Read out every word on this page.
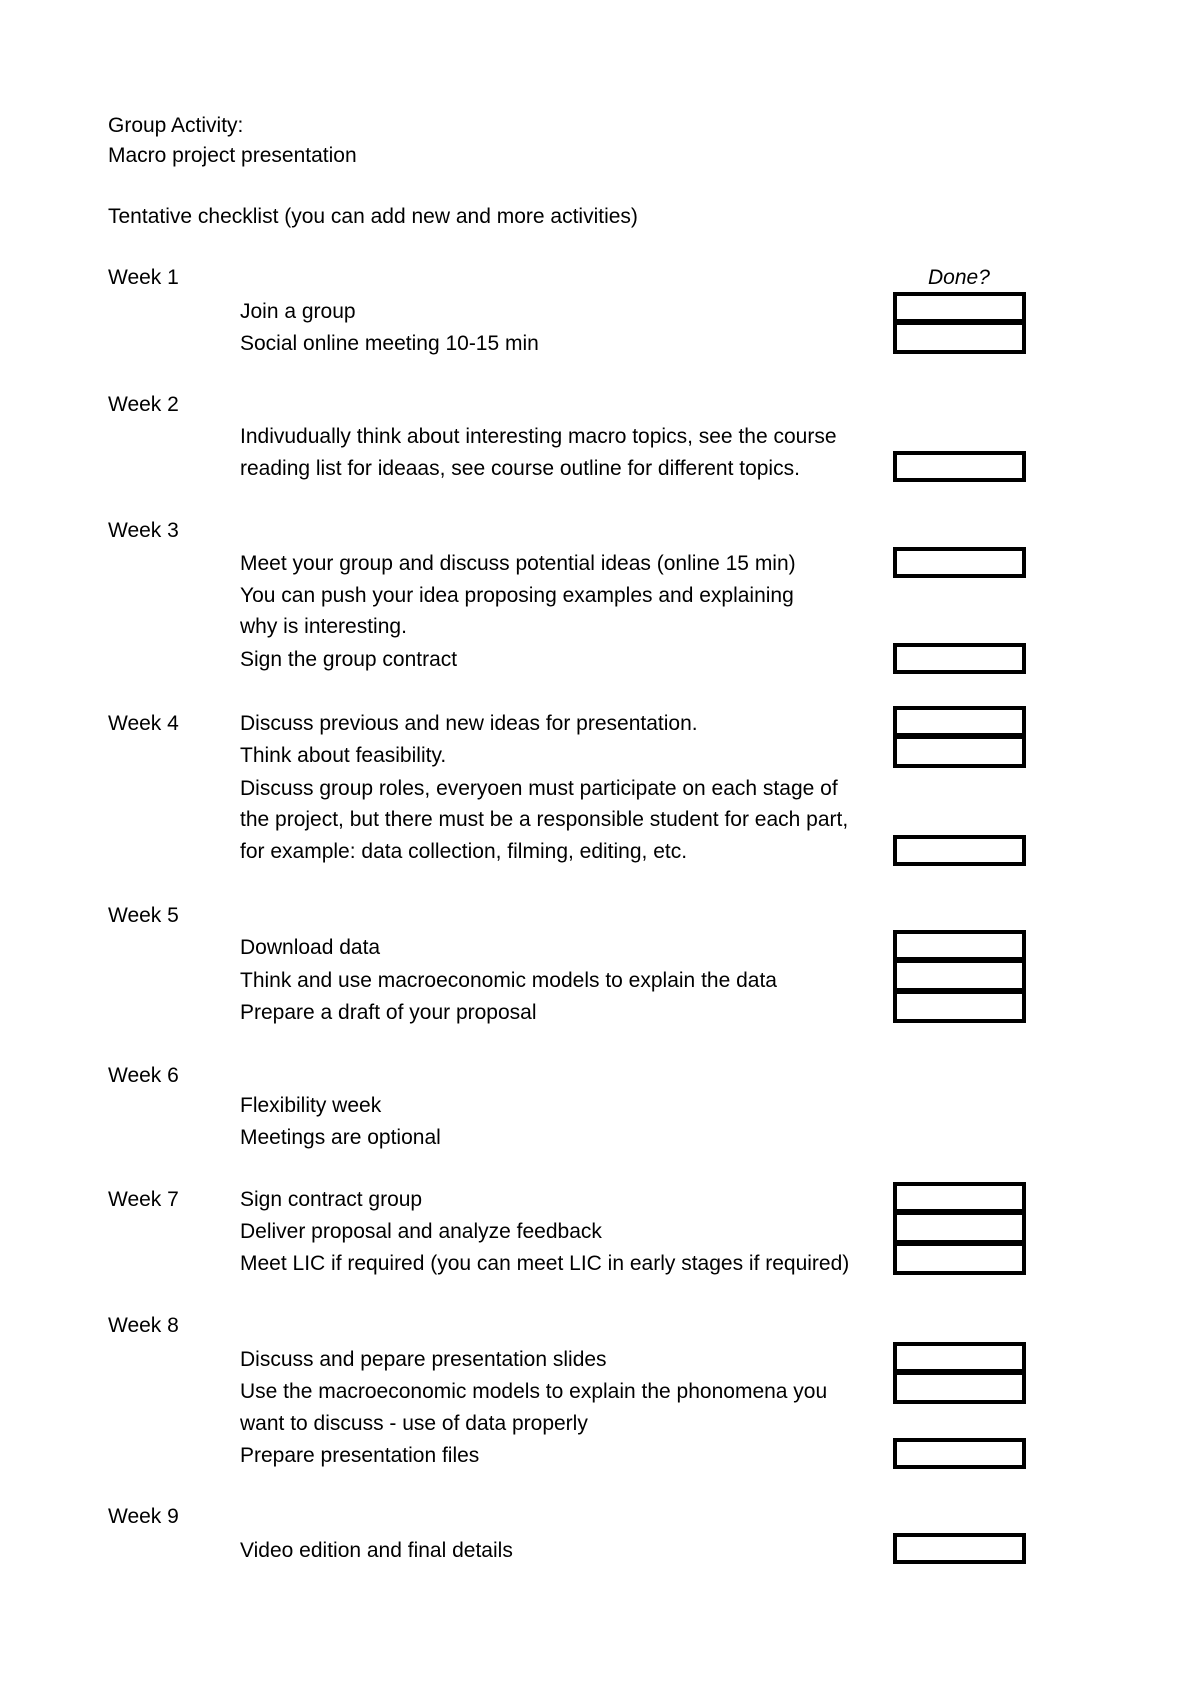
Group Activity:
Macro project presentation
Tentative checklist (you can add new and more activities)
Done?
Week 1
Join a group
Social online meeting 10-15 min
Week 2
Indivudually think about interesting macro topics, see the course
reading list for ideaas, see course outline for different topics.
Week 3
Meet your group and discuss potential ideas (online 15 min)
You can push your idea proposing examples and explaining
why is interesting.
Sign the group contract
Week 4	Discuss previous and new ideas for presentation.
Think about feasibility.
Discuss group roles, everyoen must participate on each stage of
the project, but there must be a responsible student for each part,
for example: data collection, filming, editing, etc.
Week 5
Download data
Think and use macroeconomic models to explain the data
Prepare a draft of your proposal
Week 6
Flexibility week
Meetings are optional
Week 7	Sign contract group
Deliver proposal and analyze feedback
Meet LIC if required (you can meet LIC in early stages if required)
Week 8
Discuss and pepare presentation slides
Use the macroeconomic models to explain the phonomena you
want to discuss - use of data properly
Prepare presentation files
Week 9
Video edition and final details
